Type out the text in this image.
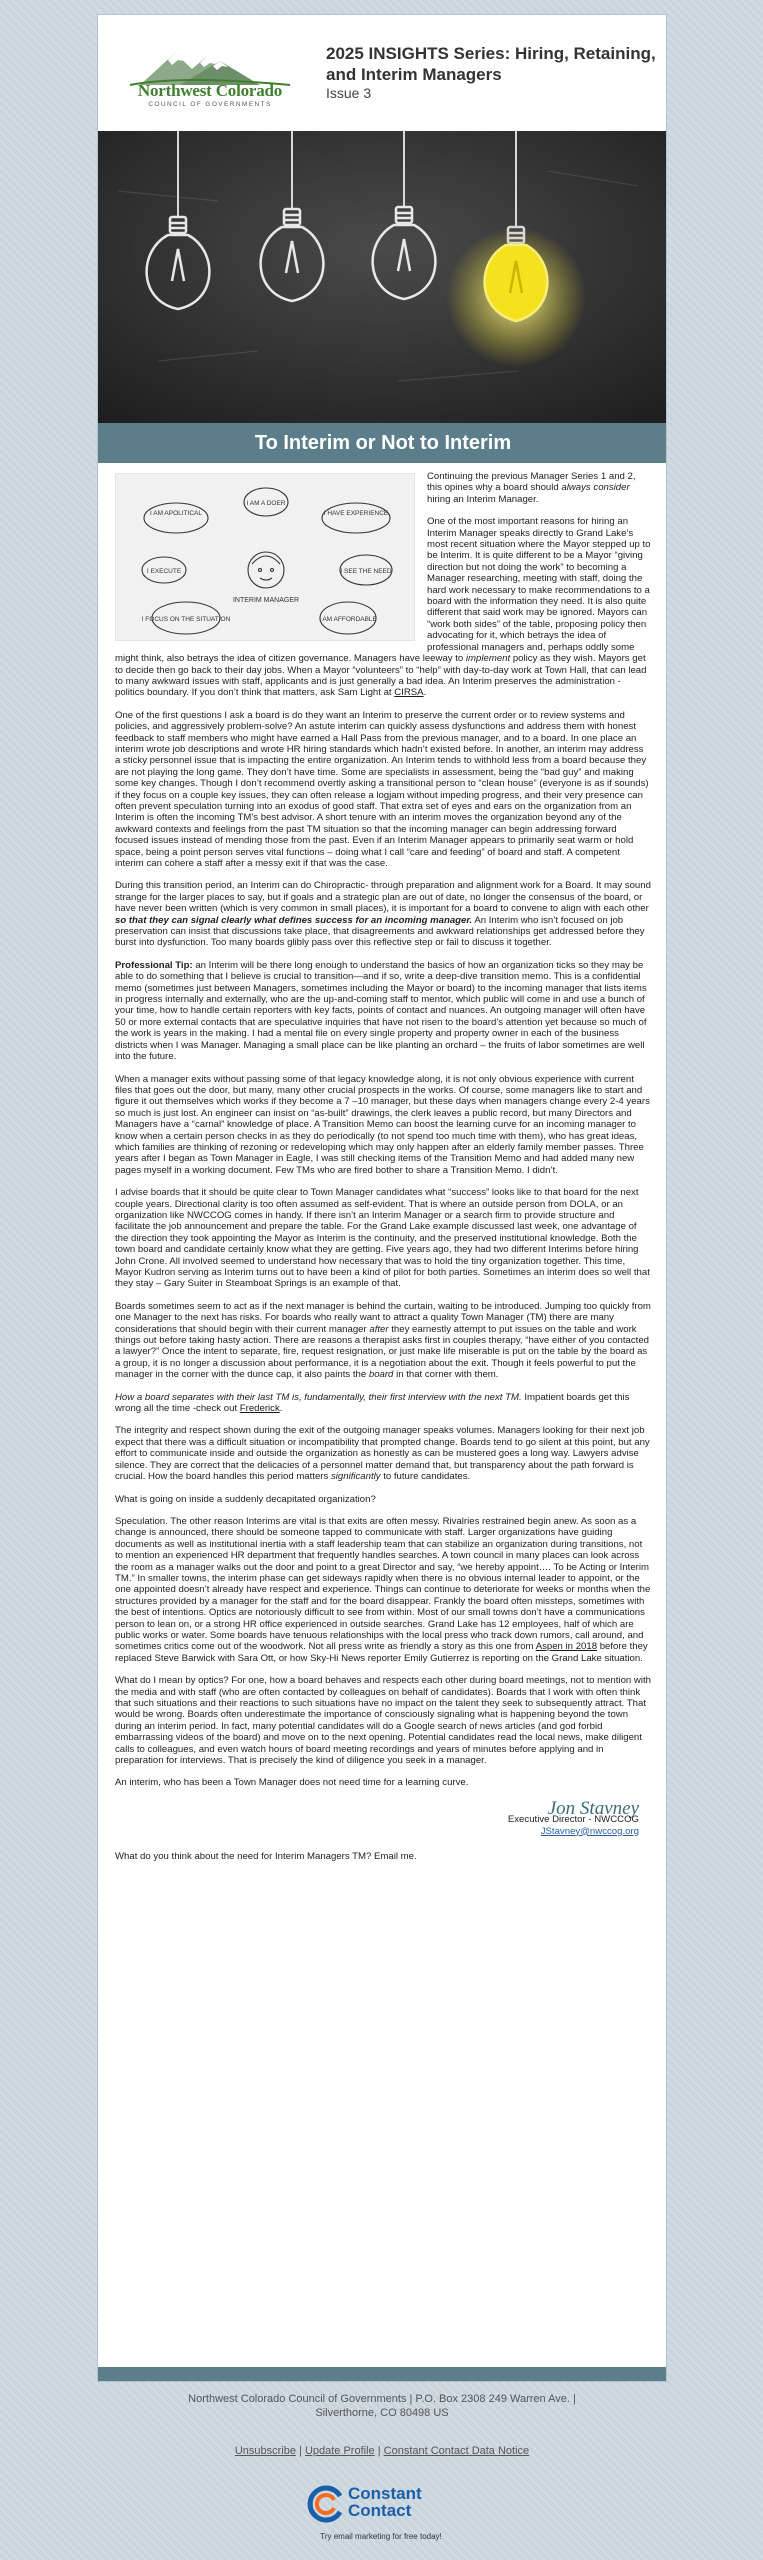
Northwest Colorado
COUNCIL OF GOVERNMENTS
2025 INSIGHTS Series: Hiring, Retaining, and Interim Managers
Issue 3
To Interim or Not to Interim
I AM APOLITICAL
I AM A DOER
I HAVE EXPERIENCE
I EXECUTE	I SEE THE NEED
I FOCUS ON THE SITUATION	I AM AFFORDABLE
INTERIM MANAGER

Continuing the previous Manager Series 1 and 2, this opines why a board should always consider hiring an Interim Manager.

One of the most important reasons for hiring an Interim Manager speaks directly to Grand Lake’s most recent situation where the Mayor stepped up to be Interim. It is quite different to be a Mayor “giving direction but not doing the work” to becoming a Manager researching, meeting with staff, doing the hard work necessary to make recommendations to a board with the information they need. It is also quite different that said work may be ignored. Mayors can “work both sides” of the table, proposing policy then advocating for it, which betrays the idea of professional managers and, perhaps oddly some might think, also betrays the idea of citizen governance. Managers have leeway to implement policy as they wish. Mayors get to decide then go back to their day jobs. When a Mayor “volunteers” to “help” with day-to-day work at Town Hall, that can lead to many awkward issues with staff, applicants and is just generally a bad idea. An Interim preserves the administration - politics boundary. If you don’t think that matters, ask Sam Light at CIRSA.

One of the first questions I ask a board is do they want an Interim to preserve the current order or to review systems and policies, and aggressively problem-solve? An astute interim can quickly assess dysfunctions and address them with honest feedback to staff members who might have earned a Hall Pass from the previous manager, and to a board. In one place an interim wrote job descriptions and wrote HR hiring standards which hadn’t existed before. In another, an interim may address a sticky personnel issue that is impacting the entire organization. An Interim tends to withhold less from a board because they are not playing the long game. They don’t have time. Some are specialists in assessment, being the “bad guy” and making some key changes. Though I don’t recommend overtly asking a transitional person to “clean house” (everyone is as if sounds) if they focus on a couple key issues, they can often release a logjam without impeding progress, and their very presence can often prevent speculation turning into an exodus of good staff. That extra set of eyes and ears on the organization from an Interim is often the incoming TM’s best advisor. A short tenure with an interim moves the organization beyond any of the awkward contexts and feelings from the past TM situation so that the incoming manager can begin addressing forward focused issues instead of mending those from the past. Even if an Interim Manager appears to primarily seat warm or hold space, being a point person serves vital functions – doing what I call “care and feeding” of board and staff. A competent interim can cohere a staff after a messy exit if that was the case.

During this transition period, an Interim can do Chiropractic- through preparation and alignment work for a Board. It may sound strange for the larger places to say, but if goals and a strategic plan are out of date, no longer the consensus of the board, or have never been written (which is very common in small places), it is important for a board to convene to align with each other so that they can signal clearly what defines success for an incoming manager. An Interim who isn’t focused on job preservation can insist that discussions take place, that disagreements and awkward relationships get addressed before they burst into dysfunction. Too many boards glibly pass over this reflective step or fail to discuss it together.

Professional Tip: an Interim will be there long enough to understand the basics of how an organization ticks so they may be able to do something that I believe is crucial to transition—and if so, write a deep-dive transition memo. This is a confidential memo (sometimes just between Managers, sometimes including the Mayor or board) to the incoming manager that lists items in progress internally and externally, who are the up-and-coming staff to mentor, which public will come in and use a bunch of your time, how to handle certain reporters with key facts, points of contact and nuances. An outgoing manager will often have 50 or more external contacts that are speculative inquiries that have not risen to the board’s attention yet because so much of the work is years in the making. I had a mental file on every single property and property owner in each of the business districts when I was Manager. Managing a small place can be like planting an orchard – the fruits of labor sometimes are well into the future.

When a manager exits without passing some of that legacy knowledge along, it is not only obvious experience with current files that goes out the door, but many, many other crucial prospects in the works. Of course, some managers like to start and figure it out themselves which works if they become a 7 –10 manager, but these days when managers change every 2-4 years so much is just lost. An engineer can insist on “as-built” drawings, the clerk leaves a public record, but many Directors and Managers have a “carnal” knowledge of place. A Transition Memo can boost the learning curve for an incoming manager to know when a certain person checks in as they do periodically (to not spend too much time with them), who has great ideas, which families are thinking of rezoning or redeveloping which may only happen after an elderly family member passes. Three years after I began as Town Manager in Eagle, I was still checking items of the Transition Memo and had added many new pages myself in a working document. Few TMs who are fired bother to share a Transition Memo. I didn’t.

I advise boards that it should be quite clear to Town Manager candidates what “success” looks like to that board for the next couple years. Directional clarity is too often assumed as self-evident. That is where an outside person from DOLA, or an organization like NWCCOG comes in handy. If there isn’t an Interim Manager or a search firm to provide structure and facilitate the job announcement and prepare the table. For the Grand Lake example discussed last week, one advantage of the direction they took appointing the Mayor as Interim is the continuity, and the preserved institutional knowledge. Both the town board and candidate certainly know what they are getting. Five years ago, they had two different Interims before hiring John Crone. All involved seemed to understand how necessary that was to hold the tiny organization together. This time, Mayor Kudron serving as Interim turns out to have been a kind of pilot for both parties. Sometimes an interim does so well that they stay – Gary Suiter in Steamboat Springs is an example of that.

Boards sometimes seem to act as if the next manager is behind the curtain, waiting to be introduced. Jumping too quickly from one Manager to the next has risks. For boards who really want to attract a quality Town Manager (TM) there are many considerations that should begin with their current manager after they earnestly attempt to put issues on the table and work things out before taking hasty action. There are reasons a therapist asks first in couples therapy, “have either of you contacted a lawyer?” Once the intent to separate, fire, request resignation, or just make life miserable is put on the table by the board as a group, it is no longer a discussion about performance, it is a negotiation about the exit. Though it feels powerful to put the manager in the corner with the dunce cap, it also paints the board in that corner with them.

How a board separates with their last TM is, fundamentally, their first interview with the next TM. Impatient boards get this wrong all the time -check out Frederick.

The integrity and respect shown during the exit of the outgoing manager speaks volumes. Managers looking for their next job expect that there was a difficult situation or incompatibility that prompted change. Boards tend to go silent at this point, but any effort to communicate inside and outside the organization as honestly as can be mustered goes a long way. Lawyers advise silence. They are correct that the delicacies of a personnel matter demand that, but transparency about the path forward is crucial. How the board handles this period matters significantly to future candidates.

What is going on inside a suddenly decapitated organization?

Speculation. The other reason Interims are vital is that exits are often messy. Rivalries restrained begin anew. As soon as a change is announced, there should be someone tapped to communicate with staff. Larger organizations have guiding documents as well as institutional inertia with a staff leadership team that can stabilize an organization during transitions, not to mention an experienced HR department that frequently handles searches. A town council in many places can look across the room as a manager walks out the door and point to a great Director and say, “we hereby appoint…. To be Acting or Interim TM.” In smaller towns, the interim phase can get sideways rapidly when there is no obvious internal leader to appoint, or the one appointed doesn’t already have respect and experience. Things can continue to deteriorate for weeks or months when the structures provided by a manager for the staff and for the board disappear. Frankly the board often missteps, sometimes with the best of intentions. Optics are notoriously difficult to see from within. Most of our small towns don’t have a communications person to lean on, or a strong HR office experienced in outside searches. Grand Lake has 12 employees, half of which are public works or water. Some boards have tenuous relationships with the local press who track down rumors, call around, and sometimes critics come out of the woodwork. Not all press write as friendly a story as this one from Aspen in 2018 before they replaced Steve Barwick with Sara Ott, or how Sky-Hi News reporter Emily Gutierrez is reporting on the Grand Lake situation.

What do I mean by optics? For one, how a board behaves and respects each other during board meetings, not to mention with the media and with staff (who are often contacted by colleagues on behalf of candidates). Boards that I work with often think that such situations and their reactions to such situations have no impact on the talent they seek to subsequently attract. That would be wrong. Boards often underestimate the importance of consciously signaling what is happening beyond the town during an interim period. In fact, many potential candidates will do a Google search of news articles (and god forbid embarrassing videos of the board) and move on to the next opening. Potential candidates read the local news, make diligent calls to colleagues, and even watch hours of board meeting recordings and years of minutes before applying and in preparation for interviews. That is precisely the kind of diligence you seek in a manager.

An interim, who has been a Town Manager does not need time for a learning curve.

Jon Stavney
Executive Director - NWCCOG
JStavney@nwccog.org

What do you think about the need for Interim Managers TM? Email me.

Northwest Colorado Council of Governments | P.O. Box 2308 249 Warren Ave. |
Silverthorne, CO 80498 US
Unsubscribe | Update Profile | Constant Contact Data Notice
Constant
Contact
Try email marketing for free today!
